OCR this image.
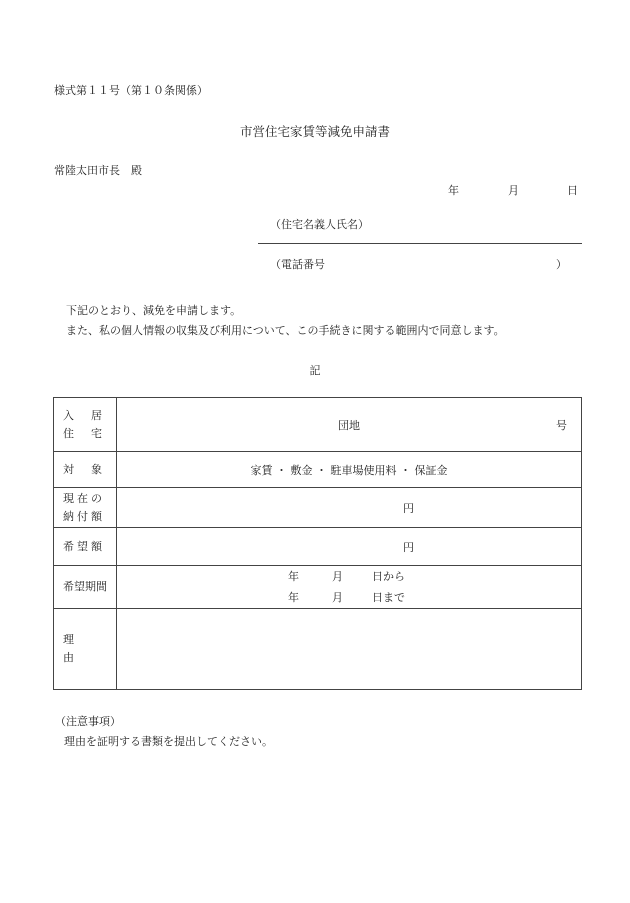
様式第１１号（第１０条関係）
市営住宅家賃等減免申請書
常陸太田市長　殿
年	月	日
（住宅名義人氏名）
（電話番号	）
下記のとおり、減免を申請します。
また、私の個人情報の収集及び利用について、この手続きに関する範囲内で同意します。
記
入　居
住　宅	団地 号

対　象	家賃 ・ 敷金 ・ 駐車場使用料 ・ 保証金

現在の
納付額	円

希望額	円

希望期間	年 月 日から
年 月 日まで

理　由	

（注意事項）
理由を証明する書類を提出してください。
